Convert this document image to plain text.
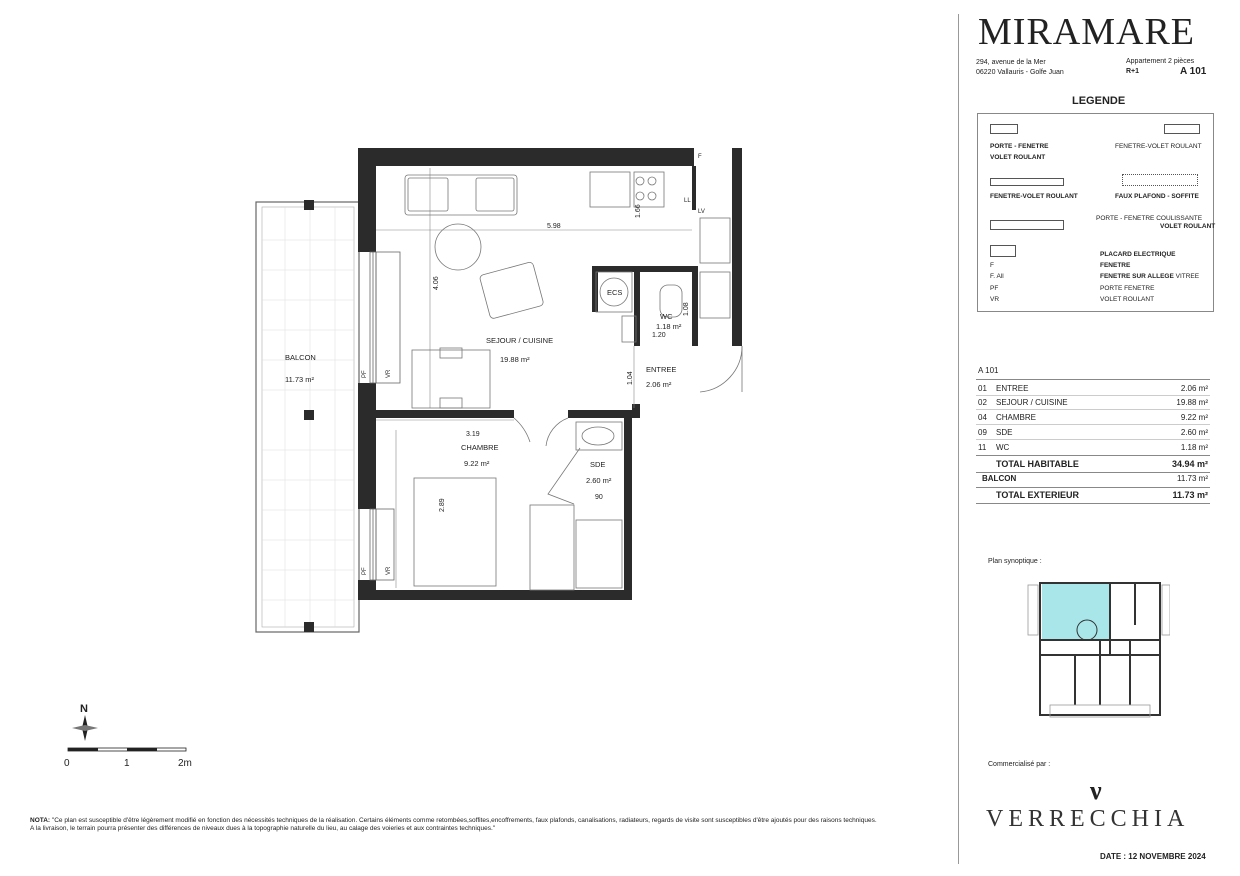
BALCON
11.73 m²
SEJOUR / CUISINE
19.88 m²
CHAMBRE
9.22 m²	SDE
2.60 m²
WC
1.18 m²
ENTREE
2.06 m²
ECS
5.98
4.06
1.66
1.04
1.08
1.20
3.19
2.89
90
PF	VR
PF	VR
LL
LV
F
N
0	1	2m
MIRAMARE
294, avenue de la Mer
06220 Vallauris - Golfe Juan
Appartement 2 pièces
R+1	A 101
LEGENDE
PORTE - FENETRE
VOLET ROULANT
FENETRE-VOLET ROULANT
FENETRE-VOLET ROULANT	FAUX PLAFOND - SOFFITE
PORTE - FENETRE COULISSANTE
VOLET ROULANT
PLACARD ELECTRIQUE
F	FENETRE
F. All	FENETRE SUR ALLEGE VITREE
PF	PORTE FENETRE
VR	VOLET ROULANT
A 101
01 ENTREE	2.06 m²
02 SEJOUR / CUISINE	19.88 m²
04 CHAMBRE	9.22 m²
09 SDE	2.60 m²
11 WC	1.18 m²
TOTAL HABITABLE	34.94 m²
BALCON	11.73 m²
TOTAL EXTERIEUR	11.73 m²
Plan synoptique :
Commercialisé par :
ν
VERRECCHIA
DATE : 12 NOVEMBRE 2024
NOTA: "Ce plan est susceptible d'être légèrement modifié en fonction des nécessités techniques de la réalisation. Certains éléments comme retombées,soffites,encoffrements, faux plafonds, canalisations, radiateurs, regards de visite sont susceptibles d'être ajoutés pour des raisons techniques.
A la livraison, le terrain pourra présenter des différences de niveaux dues à la topographie naturelle du lieu, au calage des voieries et aux contraintes techniques."
